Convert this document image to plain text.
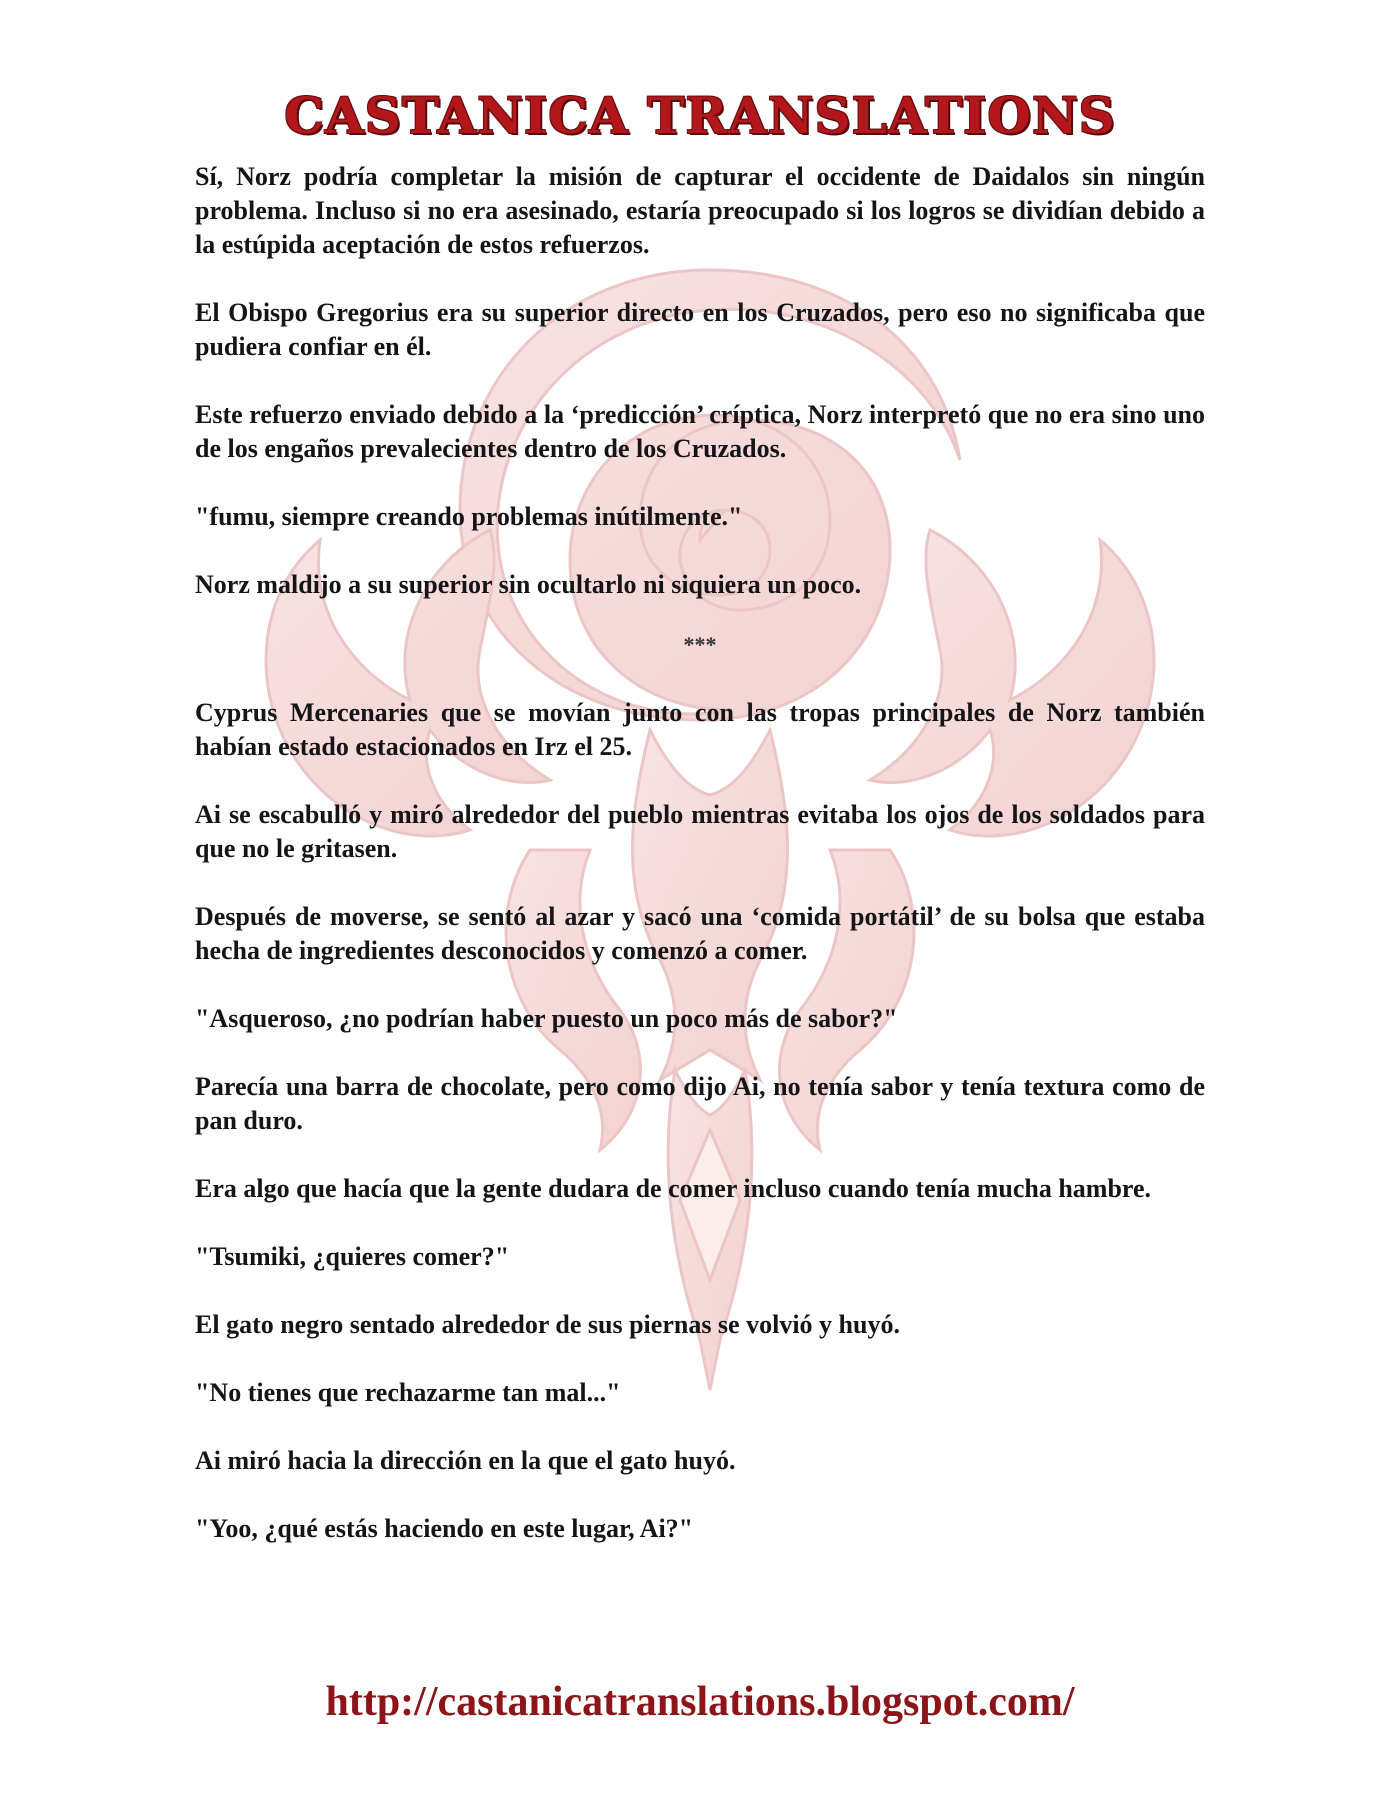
CASTANICA TRANSLATIONS

Sí, Norz podría completar la misión de capturar el occidente de Daidalos sin ningún problema. Incluso si no era asesinado, estaría preocupado si los logros se dividían debido a la estúpida aceptación de estos refuerzos.

El Obispo Gregorius era su superior directo en los Cruzados, pero eso no significaba que pudiera confiar en él.

Este refuerzo enviado debido a la ‘predicción’ críptica, Norz interpretó que no era sino uno de los engaños prevalecientes dentro de los Cruzados.

"fumu, siempre creando problemas inútilmente."

Norz maldijo a su superior sin ocultarlo ni siquiera un poco.

***

Cyprus Mercenaries que se movían junto con las tropas principales de Norz también habían estado estacionados en Irz el 25.

Ai se escabulló y miró alrededor del pueblo mientras evitaba los ojos de los soldados para que no le gritasen.

Después de moverse, se sentó al azar y sacó una ‘comida portátil’ de su bolsa que estaba hecha de ingredientes desconocidos y comenzó a comer.

"Asqueroso, ¿no podrían haber puesto un poco más de sabor?"

Parecía una barra de chocolate, pero como dijo Ai, no tenía sabor y tenía textura como de pan duro.

Era algo que hacía que la gente dudara de comer incluso cuando tenía mucha hambre.

"Tsumiki, ¿quieres comer?"

El gato negro sentado alrededor de sus piernas se volvió y huyó.

"No tienes que rechazarme tan mal..."

Ai miró hacia la dirección en la que el gato huyó.

"Yoo, ¿qué estás haciendo en este lugar, Ai?"

http://castanicatranslations.blogspot.com/
